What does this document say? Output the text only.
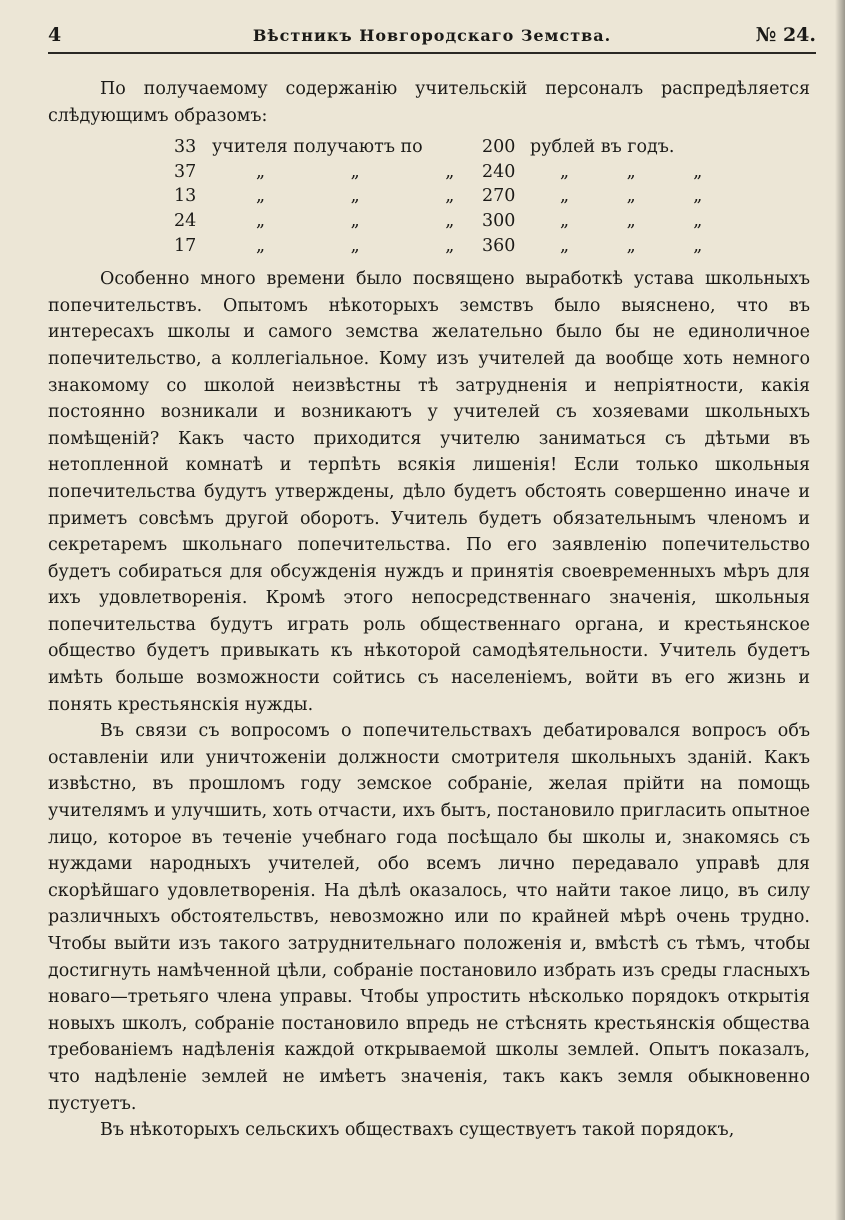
4	Вѣстникъ Новгородскаго Земства.	№ 24.

По получаемому содержанію учительскій персоналъ распредѣляется слѣдующимъ образомъ:

33	учителя получаютъ по	200	рублей въ годъ.
37	„ „ „	240	„ „ „
13	„ „ „	270	„ „ „
24	„ „ „	300	„ „ „
17	„ „ „	360	„ „ „

Особенно много времени было посвящено выработкѣ устава школьныхъ попечительствъ. Опытомъ нѣкоторыхъ земствъ было выяснено, что въ интересахъ школы и самого земства желательно было бы не единоличное попечительство, а коллегіальное. Кому изъ учителей да вообще хоть немного знакомому со школой неизвѣстны тѣ затрудненія и непріятности, какія постоянно возникали и возникаютъ у учителей съ хозяевами школьныхъ помѣщеній? Какъ часто приходится учителю заниматься съ дѣтьми въ нетопленной комнатѣ и терпѣть всякія лишенія! Если только школьныя попечительства будутъ утверждены, дѣло будетъ обстоять совершенно иначе и приметъ совсѣмъ другой оборотъ. Учитель будетъ обязательнымъ членомъ и секретаремъ школьнаго попечительства. По его заявленію попечительство будетъ собираться для обсужденія нуждъ и принятія своевременныхъ мѣръ для ихъ удовлетворенія. Кромѣ этого непосредственнаго значенія, школьныя попечительства будутъ играть роль общественнаго органа, и крестьянское общество будетъ привыкать къ нѣкоторой самодѣятельности. Учитель будетъ имѣть больше возможности сойтись съ населеніемъ, войти въ его жизнь и понять крестьянскія нужды.

Въ связи съ вопросомъ о попечительствахъ дебатировался вопросъ объ оставленіи или уничтоженіи должности смотрителя школьныхъ зданій. Какъ извѣстно, въ прошломъ году земское собраніе, желая прійти на помощь учителямъ и улучшить, хоть отчасти, ихъ бытъ, постановило пригласить опытное лицо, которое въ теченіе учебнаго года посѣщало бы школы и, знакомясь съ нуждами народныхъ учителей, обо всемъ лично передавало управѣ для скорѣйшаго удовлетворенія. На дѣлѣ оказалось, что найти такое лицо, въ силу различныхъ обстоятельствъ, невозможно или по крайней мѣрѣ очень трудно. Чтобы выйти изъ такого затруднительнаго положенія и, вмѣстѣ съ тѣмъ, чтобы достигнуть намѣченной цѣли, собраніе постановило избрать изъ среды гласныхъ новаго—третьяго члена управы. Чтобы упростить нѣсколько порядокъ открытія новыхъ школъ, собраніе постановило впредь не стѣснять крестьянскія общества требованіемъ надѣленія каждой открываемой школы землей. Опытъ показалъ, что надѣленіе землей не имѣетъ значенія, такъ какъ земля обыкновенно пустуетъ.

Въ нѣкоторыхъ сельскихъ обществахъ существуетъ такой порядокъ,
